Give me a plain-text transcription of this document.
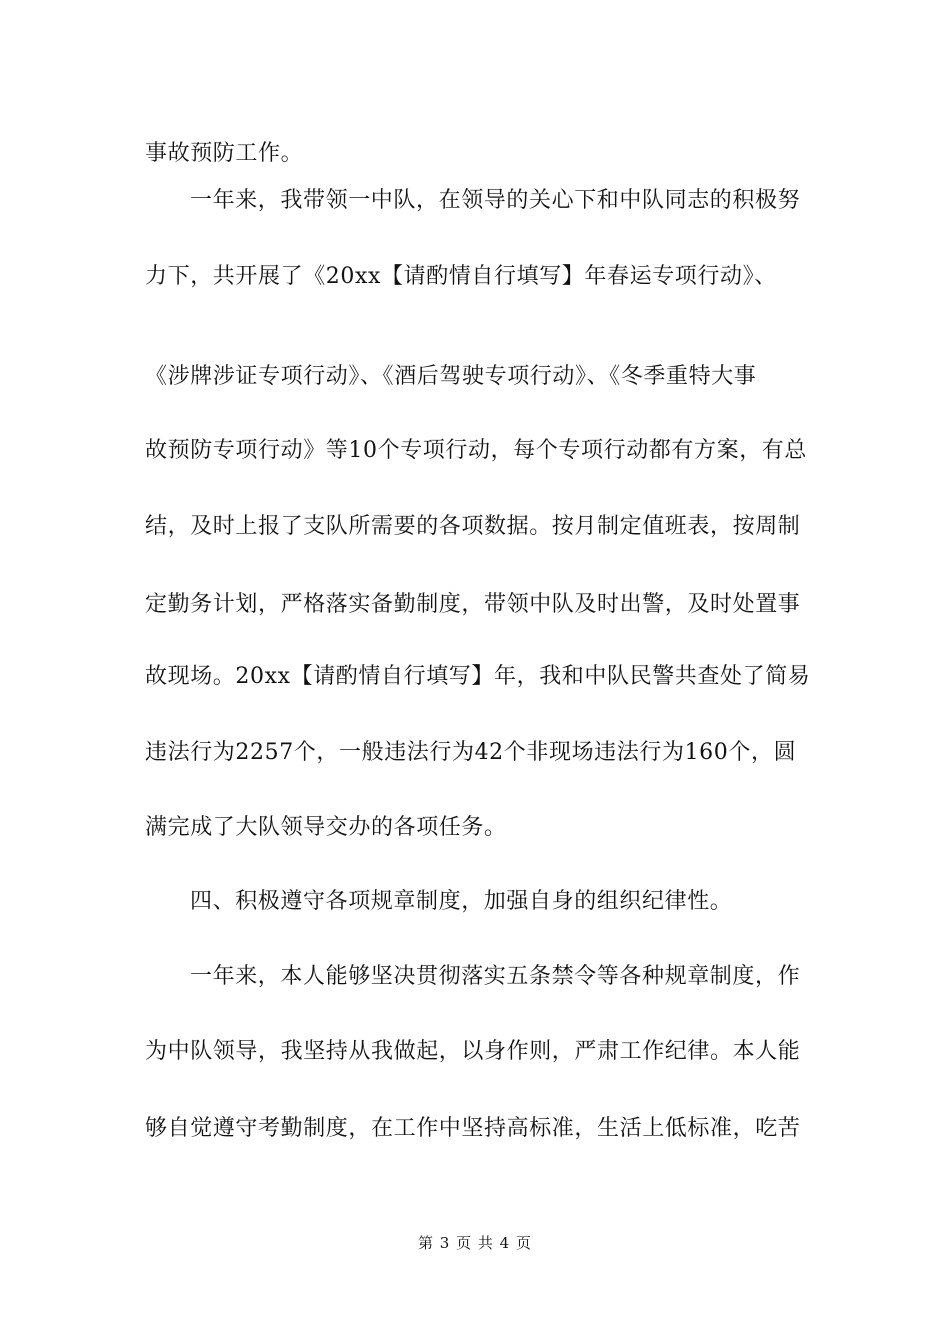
事故预防工作。
一年来，我带领一中队，在领导的关心下和中队同志的积极努
力下，共开展了《20xx【请酌情自行填写】年春运专项行动》、
《涉牌涉证专项行动》、《酒后驾驶专项行动》、《冬季重特大事
故预防专项行动》等10个专项行动，每个专项行动都有方案，有总
结，及时上报了支队所需要的各项数据。按月制定值班表，按周制
定勤务计划，严格落实备勤制度，带领中队及时出警，及时处置事
故现场。20xx【请酌情自行填写】年，我和中队民警共查处了简易
违法行为2257个，一般违法行为42个非现场违法行为160个，圆
满完成了大队领导交办的各项任务。
四、积极遵守各项规章制度，加强自身的组织纪律性。
一年来，本人能够坚决贯彻落实五条禁令等各种规章制度，作
为中队领导，我坚持从我做起，以身作则，严肃工作纪律。本人能
够自觉遵守考勤制度，在工作中坚持高标准，生活上低标准，吃苦
第 3 页 共 4 页
